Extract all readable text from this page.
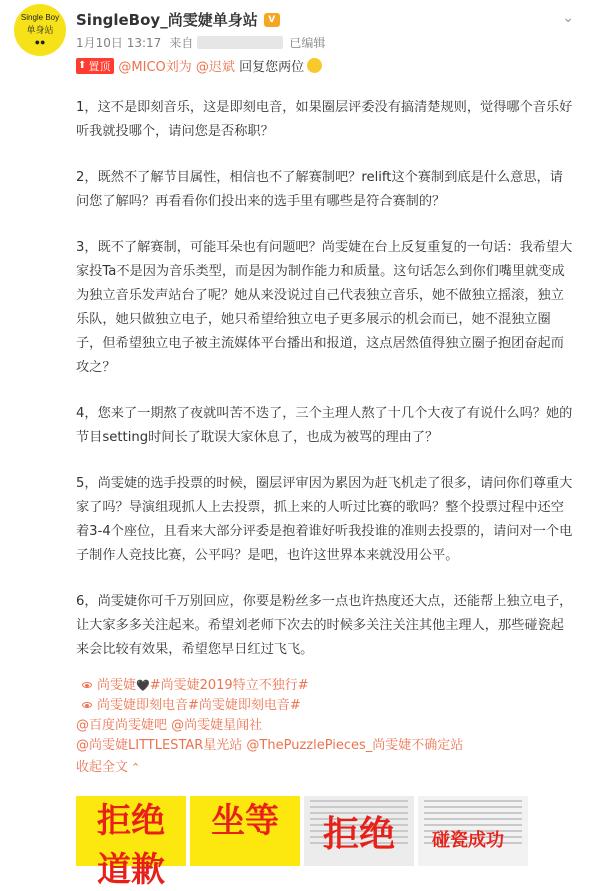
Single Boy
单身站
●●
SingleBoy_尚雯婕单身站	V	⌄
1月10日 13:17 来自	已编辑
⬆ 置顶 @MICO刘为
@迟斌
回复您两位

1，这不是即刻音乐，这是即刻电音，如果圈层评委没有搞清楚规则，觉得哪个音乐好听我就投哪个，请问您是否称职？

2，既然不了解节目属性，相信也不了解赛制吧？relift这个赛制到底是什么意思，请问您了解吗？再看看你们投出来的选手里有哪些是符合赛制的？

3，既不了解赛制，可能耳朵也有问题吧？尚雯婕在台上反复重复的一句话：我希望大家投Ta不是因为音乐类型，而是因为制作能力和质量。这句话怎么到你们嘴里就变成为独立音乐发声站台了呢？她从来没说过自己代表独立音乐，她不做独立摇滚，独立乐队，她只做独立电子，她只希望给独立电子更多展示的机会而已，她不混独立圈子，但希望独立电子被主流媒体平台播出和报道，这点居然值得独立圈子抱团奋起而攻之？

4，您来了一期熬了夜就叫苦不迭了，三个主理人熬了十几个大夜了有说什么吗？她的节目setting时间长了耽误大家休息了，也成为被骂的理由了？

5，尚雯婕的选手投票的时候，圈层评审因为累因为赶飞机走了很多，请问你们尊重大家了吗？导演组现抓人上去投票，抓上来的人听过比赛的歌吗？整个投票过程中还空着3-4个座位，且看来大部分评委是抱着谁好听我投谁的准则去投票的，请问对一个电子制作人竞技比赛，公平吗？是吧，也许这世界本来就没用公平。

6，尚雯婕你可千万别回应，你要是粉丝多一点也许热度还大点，还能帮上独立电子，让大家多多关注起来。希望刘老师下次去的时候多关注关注其他主理人，那些碰瓷起来会比较有效果，希望您早日红过飞飞。

尚雯婕 🖤 #尚雯婕2019特立不独行#
尚雯婕即刻电音#尚雯婕即刻电音#
@百度尚雯婕吧 @尚雯婕星闻社
@尚雯婕LITTLESTAR星光站 @ThePuzzlePieces_尚雯婕不确定站
收起全文 ⌃
拒绝
道歉
坐等 拒绝 碰瓷成功
